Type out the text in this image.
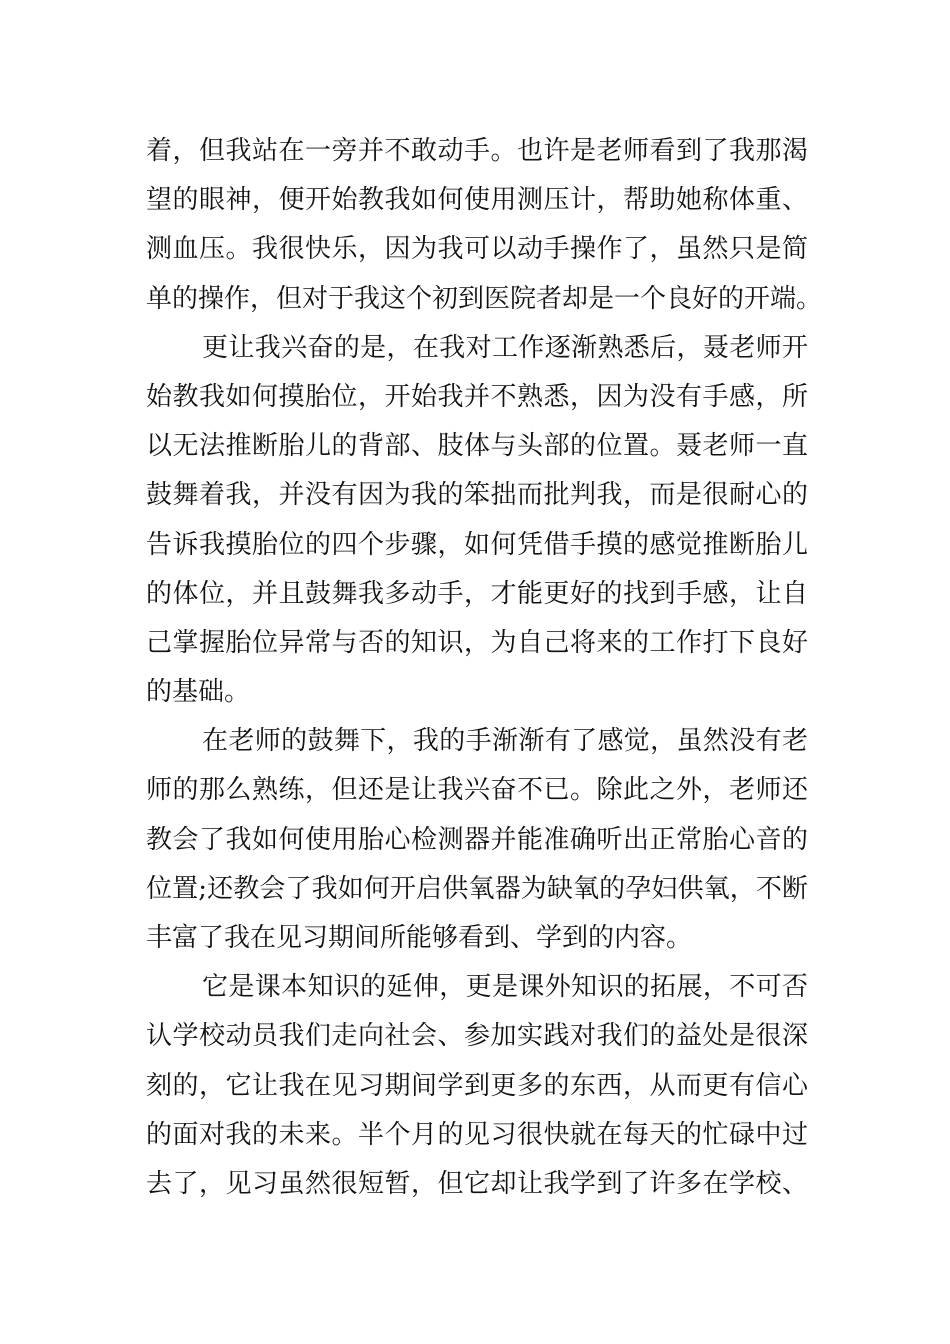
着，但我站在一旁并不敢动手。也许是老师看到了我那渴
望的眼神，便开始教我如何使用测压计，帮助她称体重、
测血压。我很快乐，因为我可以动手操作了，虽然只是简
单的操作，但对于我这个初到医院者却是一个良好的开端。
更让我兴奋的是，在我对工作逐渐熟悉后，聂老师开
始教我如何摸胎位，开始我并不熟悉，因为没有手感，所
以无法推断胎儿的背部、肢体与头部的位置。聂老师一直
鼓舞着我，并没有因为我的笨拙而批判我，而是很耐心的
告诉我摸胎位的四个步骤，如何凭借手摸的感觉推断胎儿
的体位，并且鼓舞我多动手，才能更好的找到手感，让自
己掌握胎位异常与否的知识，为自己将来的工作打下良好
的基础。
在老师的鼓舞下，我的手渐渐有了感觉，虽然没有老
师的那么熟练，但还是让我兴奋不已。除此之外，老师还
教会了我如何使用胎心检测器并能准确听出正常胎心音的
位置;还教会了我如何开启供氧器为缺氧的孕妇供氧，不断
丰富了我在见习期间所能够看到、学到的内容。
它是课本知识的延伸，更是课外知识的拓展，不可否
认学校动员我们走向社会、参加实践对我们的益处是很深
刻的，它让我在见习期间学到更多的东西，从而更有信心
的面对我的未来。半个月的见习很快就在每天的忙碌中过
去了，见习虽然很短暂，但它却让我学到了许多在学校、
